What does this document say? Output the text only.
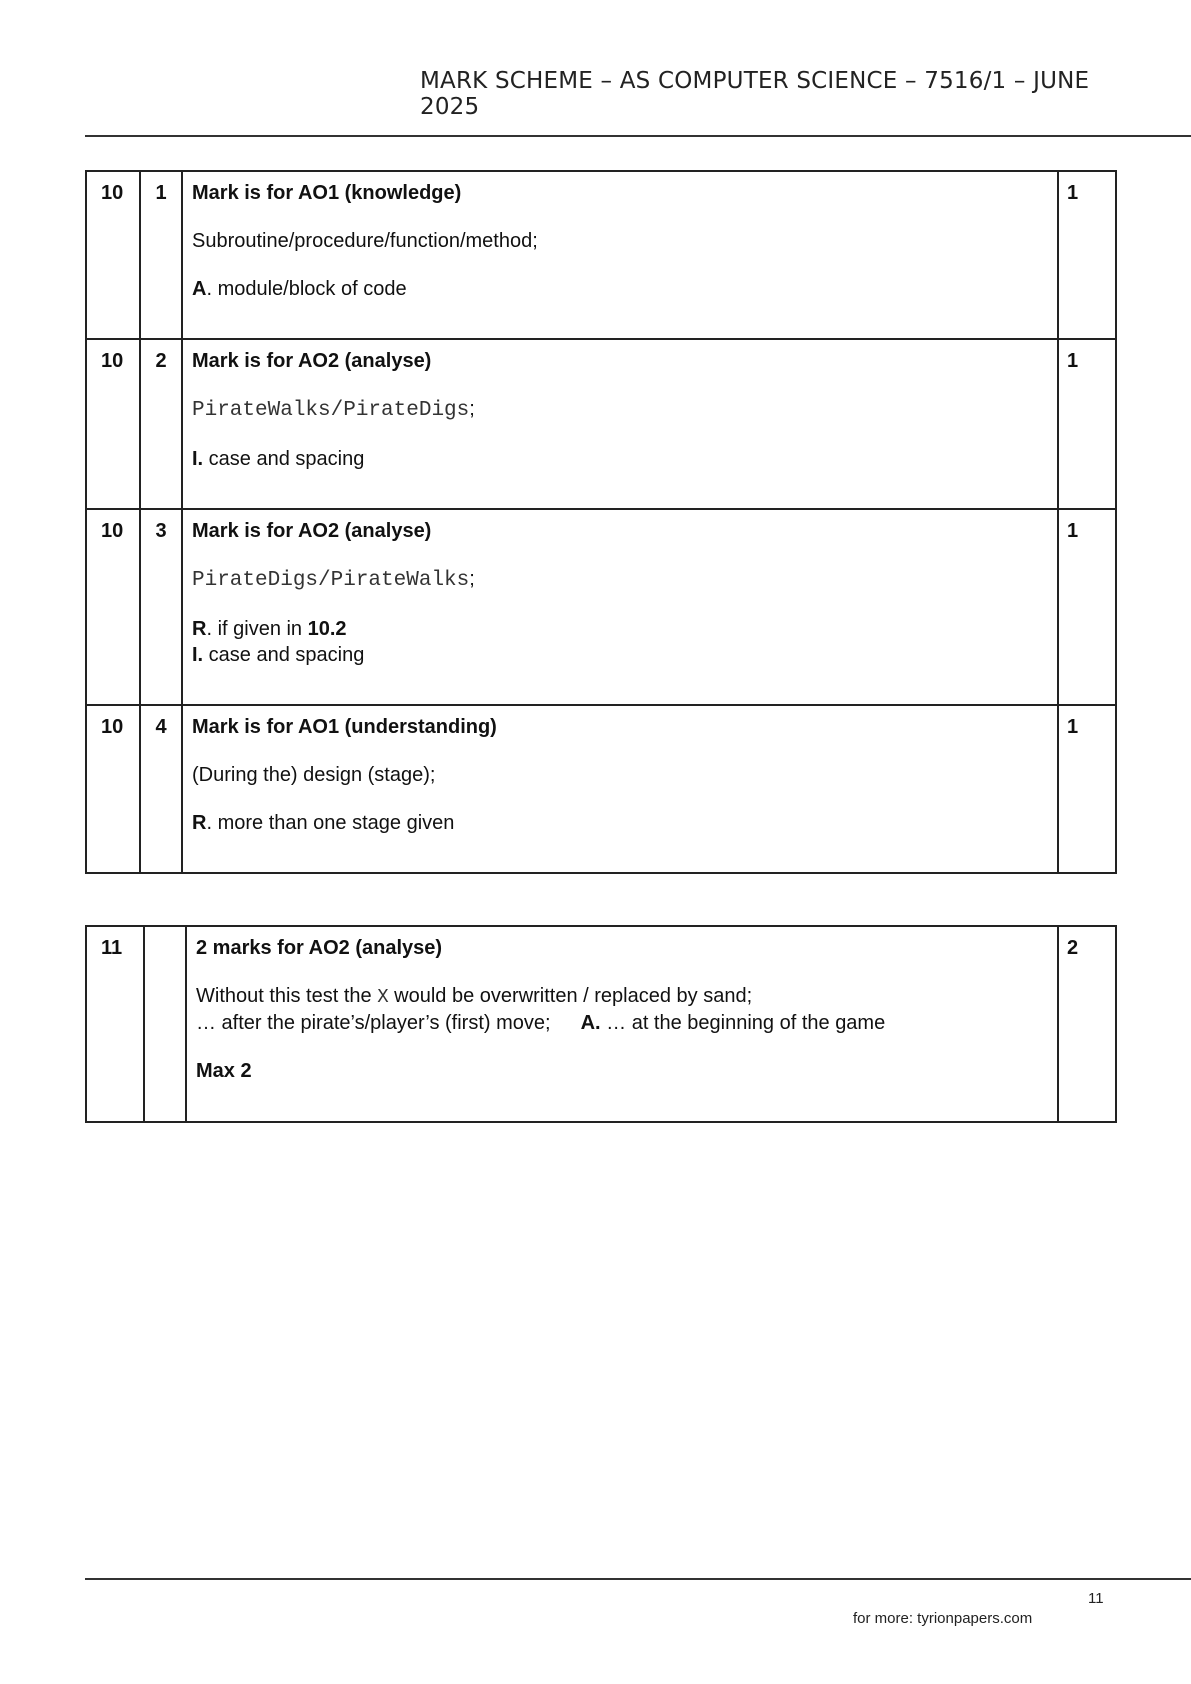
MARK SCHEME – AS COMPUTER SCIENCE – 7516/1 – JUNE 2025
10	1	Mark is for AO1 (knowledge)

Subroutine/procedure/function/method;

A. module/block of code	1
10	2	Mark is for AO2 (analyse)

PirateWalks/PirateDigs;

I. case and spacing	1
10	3	Mark is for AO2 (analyse)

PirateDigs/PirateWalks;

R. if given in 10.2

I. case and spacing	1
10	4	Mark is for AO1 (understanding)

(During the) design (stage);

R. more than one stage given	1
11		2 marks for AO2 (analyse)

Without this test the X would be overwritten / replaced by sand;

… after the pirate’s/player’s (first) move; A. … at the beginning of the game

Max 2

	2
11
for more: tyrionpapers.com
